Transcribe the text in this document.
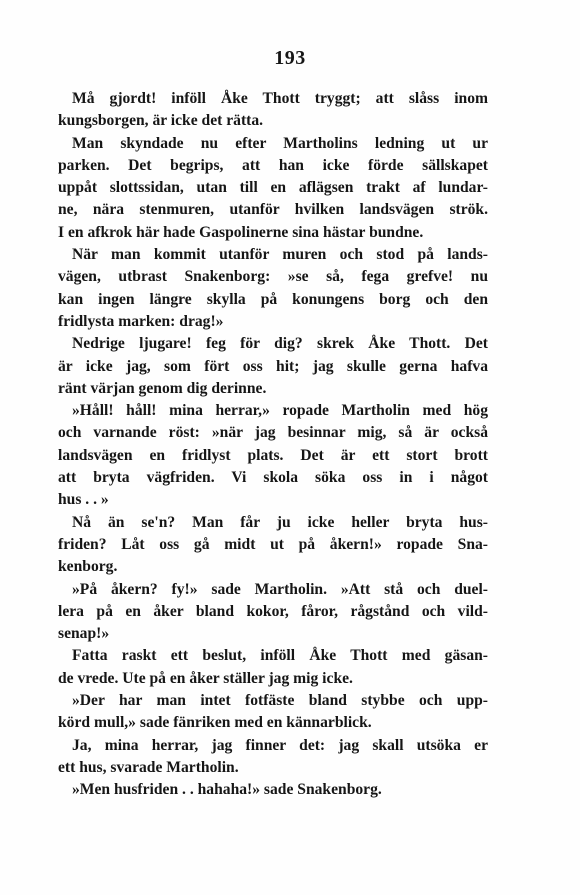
193
Må gjordt! inföll Åke Thott tryggt; att slåss inom
kungsborgen, är icke det rätta.
Man skyndade nu efter Martholins ledning ut ur
parken. Det begrips, att han icke förde sällskapet
uppåt slottssidan, utan till en aflägsen trakt af lundar-
ne, nära stenmuren, utanför hvilken landsvägen strök.
I en afkrok här hade Gaspolinerne sina hästar bundne.
När man kommit utanför muren och stod på lands-
vägen, utbrast Snakenborg: »se så, fega grefve! nu
kan ingen längre skylla på konungens borg och den
fridlysta marken: drag!»
Nedrige ljugare! feg för dig? skrek Åke Thott. Det
är icke jag, som fört oss hit; jag skulle gerna hafva
ränt värjan genom dig derinne.
»Håll! håll! mina herrar,» ropade Martholin med hög
och varnande röst: »när jag besinnar mig, så är också
landsvägen en fridlyst plats. Det är ett stort brott
att bryta vägfriden. Vi skola söka oss in i något
hus . . »
Nå än se'n? Man får ju icke heller bryta hus-
friden? Låt oss gå midt ut på åkern!» ropade Sna-
kenborg.
»På åkern? fy!» sade Martholin. »Att stå och duel-
lera på en åker bland kokor, fåror, rågstånd och vild-
senap!»
Fatta raskt ett beslut, inföll Åke Thott med gäsan-
de vrede. Ute på en åker ställer jag mig icke.
»Der har man intet fotfäste bland stybbe och upp-
körd mull,» sade fänriken med en kännarblick.
Ja, mina herrar, jag finner det: jag skall utsöka er
ett hus, svarade Martholin.
»Men husfriden . . hahaha!» sade Snakenborg.
